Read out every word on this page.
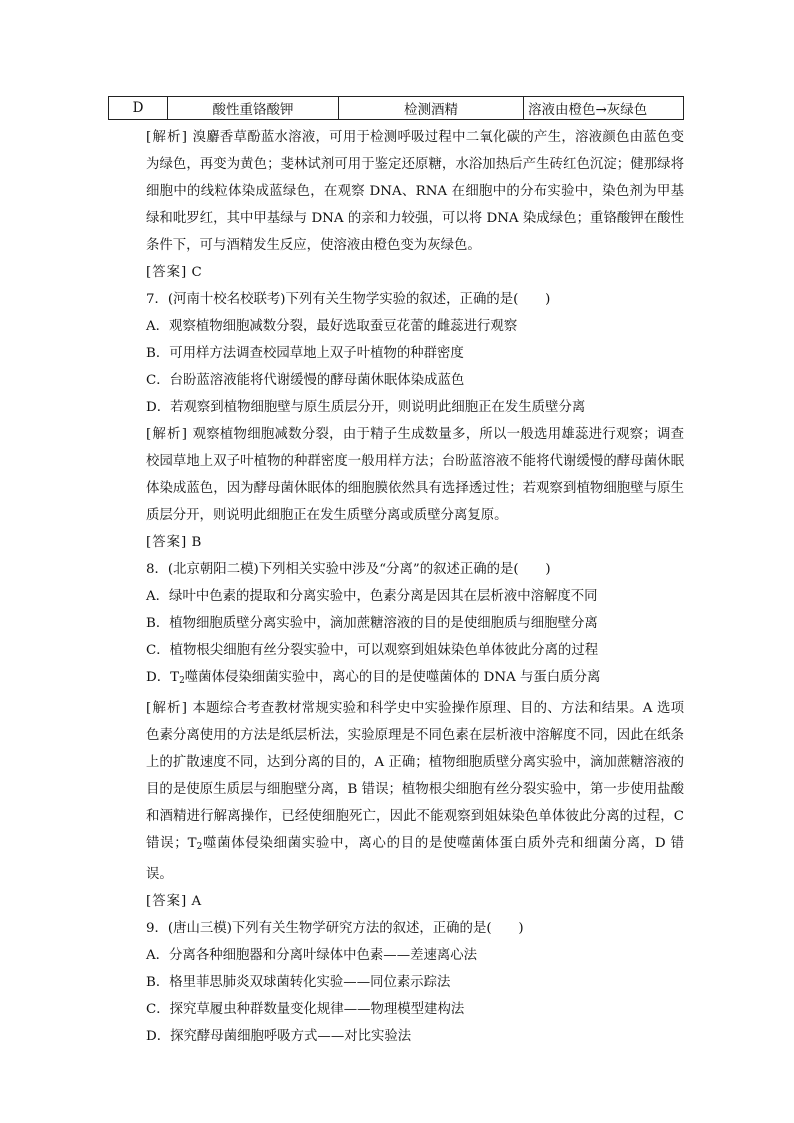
D	酸性重铬酸钾	检测酒精	溶液由橙色→灰绿色

[解析] 溴麝香草酚蓝水溶液，可用于检测呼吸过程中二氧化碳的产生，溶液颜色由蓝色变为绿色，再变为黄色；斐林试剂可用于鉴定还原糖，水浴加热后产生砖红色沉淀；健那绿将细胞中的线粒体染成蓝绿色，在观察 DNA、RNA 在细胞中的分布实验中，染色剂为甲基绿和吡罗红，其中甲基绿与 DNA 的亲和力较强，可以将 DNA 染成绿色；重铬酸钾在酸性条件下，可与酒精发生反应，使溶液由橙色变为灰绿色。

[答案] C

7．(河南十校名校联考)下列有关生物学实验的叙述，正确的是(　　)

A．观察植物细胞减数分裂，最好选取蚕豆花蕾的雌蕊进行观察

B．可用样方法调查校园草地上双子叶植物的种群密度

C．台盼蓝溶液能将代谢缓慢的酵母菌休眠体染成蓝色

D．若观察到植物细胞壁与原生质层分开，则说明此细胞正在发生质壁分离

[解析] 观察植物细胞减数分裂，由于精子生成数量多，所以一般选用雄蕊进行观察；调查校园草地上双子叶植物的种群密度一般用样方法；台盼蓝溶液不能将代谢缓慢的酵母菌休眠体染成蓝色，因为酵母菌休眠体的细胞膜依然具有选择透过性；若观察到植物细胞壁与原生质层分开，则说明此细胞正在发生质壁分离或质壁分离复原。

[答案] B

8．(北京朝阳二模)下列相关实验中涉及“分离”的叙述正确的是(　　)

A．绿叶中色素的提取和分离实验中，色素分离是因其在层析液中溶解度不同

B．植物细胞质壁分离实验中，滴加蔗糖溶液的目的是使细胞质与细胞壁分离

C．植物根尖细胞有丝分裂实验中，可以观察到姐妹染色单体彼此分离的过程

D．$T_2$噬菌体侵染细菌实验中，离心的目的是使噬菌体的 DNA 与蛋白质分离

[解析] 本题综合考查教材常规实验和科学史中实验操作原理、目的、方法和结果。A 选项色素分离使用的方法是纸层析法，实验原理是不同色素在层析液中溶解度不同，因此在纸条上的扩散速度不同，达到分离的目的，A 正确；植物细胞质壁分离实验中，滴加蔗糖溶液的目的是使原生质层与细胞壁分离，B 错误；植物根尖细胞有丝分裂实验中，第一步使用盐酸和酒精进行解离操作，已经使细胞死亡，因此不能观察到姐妹染色单体彼此分离的过程，C 错误；$T_2$噬菌体侵染细菌实验中，离心的目的是使噬菌体蛋白质外壳和细菌分离，D 错误。

[答案] A

9．(唐山三模)下列有关生物学研究方法的叙述，正确的是(　　)

A．分离各种细胞器和分离叶绿体中色素——差速离心法

B．格里菲思肺炎双球菌转化实验——同位素示踪法

C．探究草履虫种群数量变化规律——物理模型建构法

D．探究酵母菌细胞呼吸方式——对比实验法
